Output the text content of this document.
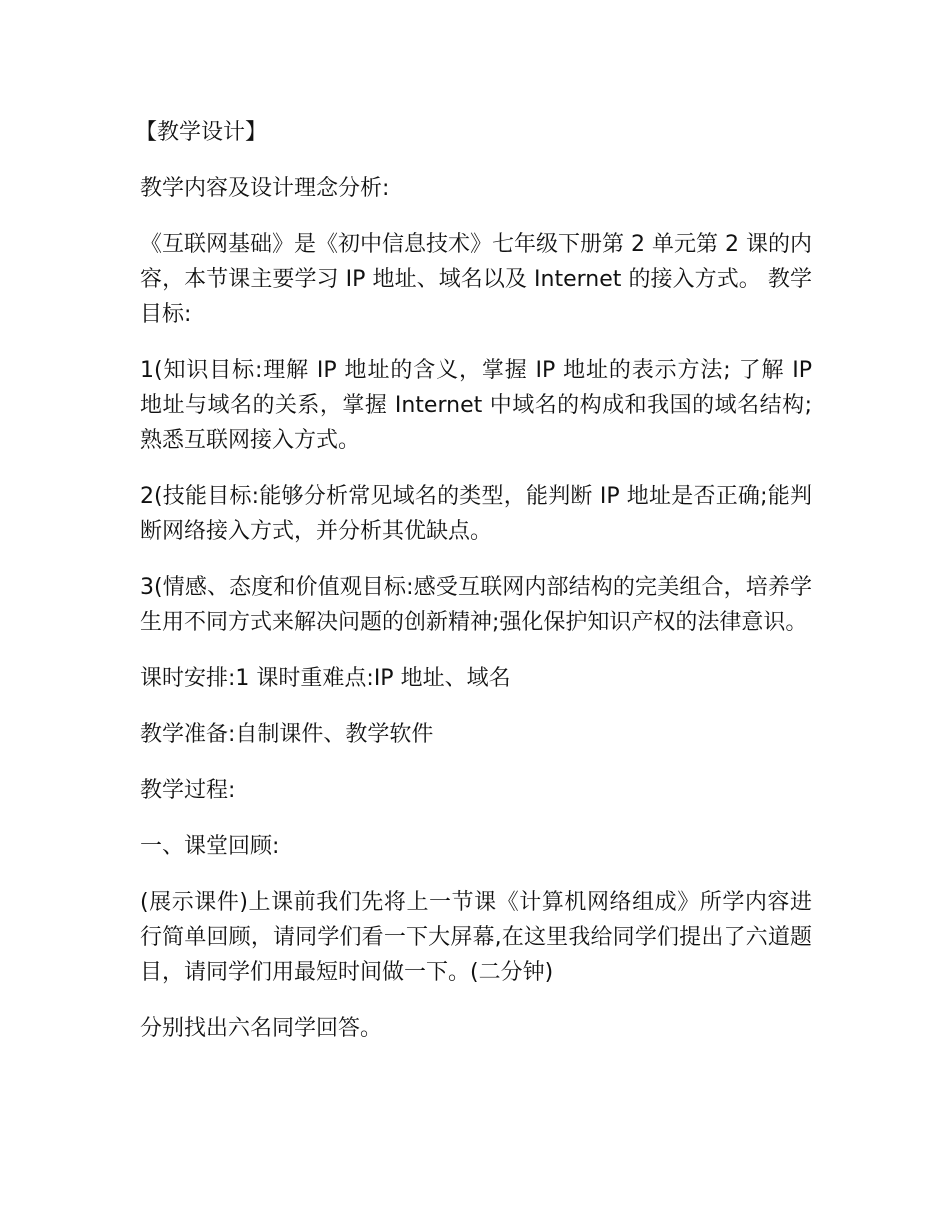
【教学设计】

教学内容及设计理念分析:

《互联网基础》是《初中信息技术》七年级下册第 2 单元第 2 课的内容，本节课主要学习 IP 地址、域名以及 Internet 的接入方式。 教学目标:

1(知识目标:理解 IP 地址的含义，掌握 IP 地址的表示方法; 了解 IP 地址与域名的关系，掌握 Internet 中域名的构成和我国的域名结构;熟悉互联网接入方式。

2(技能目标:能够分析常见域名的类型，能判断 IP 地址是否正确;能判断网络接入方式，并分析其优缺点。

3(情感、态度和价值观目标:感受互联网内部结构的完美组合，培养学生用不同方式来解决问题的创新精神;强化保护知识产权的法律意识。

课时安排:1 课时重难点:IP 地址、域名

教学准备:自制课件、教学软件

教学过程:

一、课堂回顾:

(展示课件)上课前我们先将上一节课《计算机网络组成》所学内容进行简单回顾，请同学们看一下大屏幕,在这里我给同学们提出了六道题目，请同学们用最短时间做一下。(二分钟)

分别找出六名同学回答。
